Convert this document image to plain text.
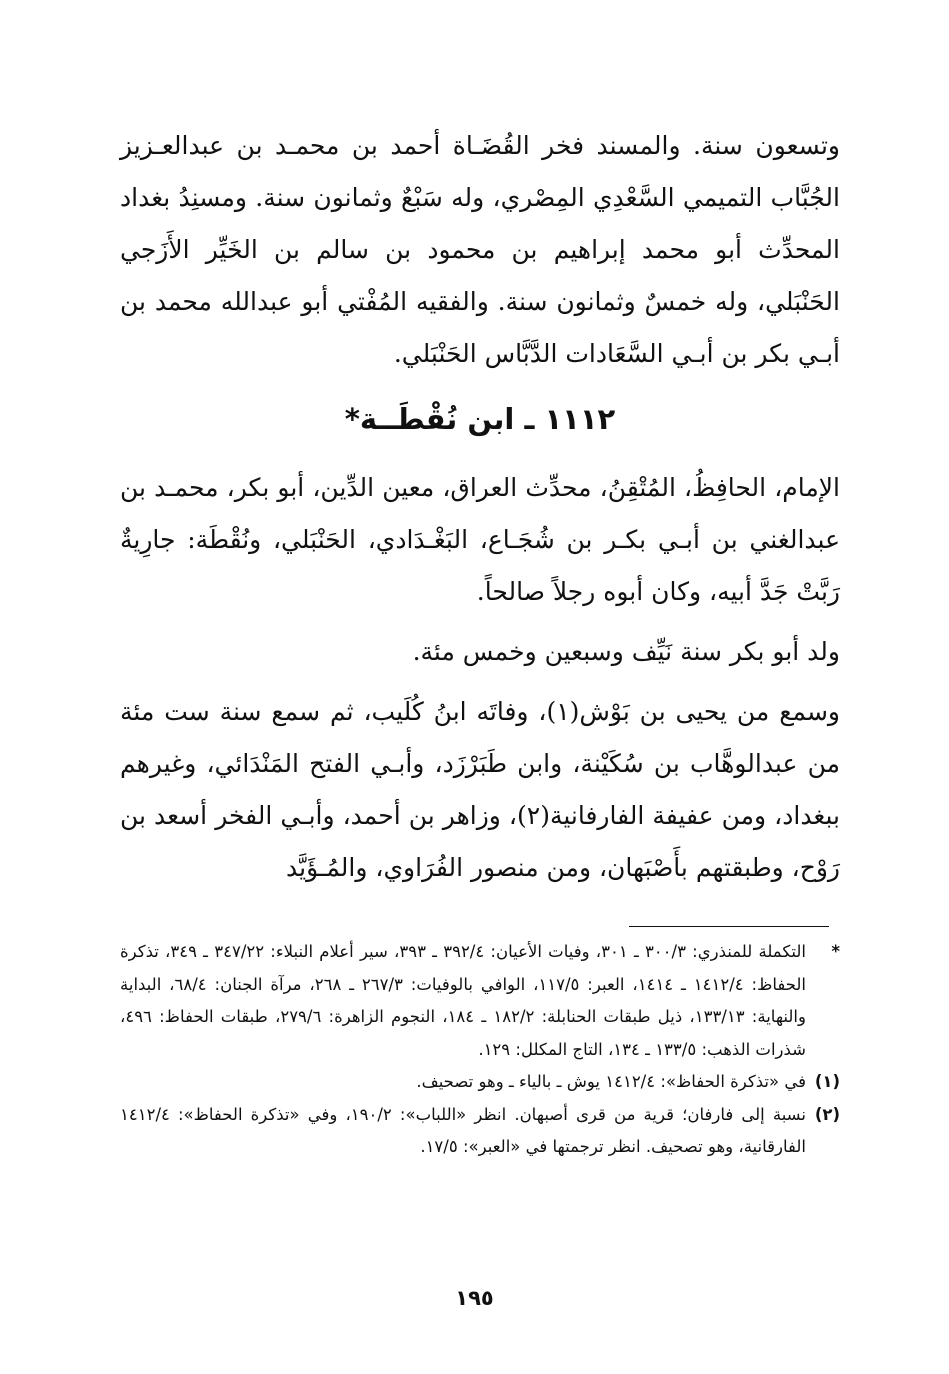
وتسعون سنة. والمسند فخر القُضَـاة أحمد بن محمـد بن عبدالعـزيز الجُبَّاب التميمي السَّعْدِي المِصْري، وله سَبْعٌ وثمانون سنة. ومسنِدُ بغداد المحدِّث أبو محمد إبراهيم بن محمود بن سالم بن الخَيِّر الأَزَجي الحَنْبَلي، وله خمسٌ وثمانون سنة. والفقيه المُفْتي أبو عبدالله محمد بن أبـي بكر بن أبـي السَّعَادات الدَّبَّاس الحَنْبَلي.

١١١٢ ـ ابن نُقْطَــة*

الإمام، الحافِظُ، المُتْقِنُ، محدِّث العراق، معين الدِّين، أبو بكر، محمـد بن عبدالغني بن أبـي بكـر بن شُجَـاع، البَغْـدَادي، الحَنْبَلي، ونُقْطَة: جارِيةٌ رَبَّتْ جَدَّ أبيه، وكان أبوه رجلاً صالحاً.

ولد أبو بكر سنة نَيِّف وسبعين وخمس مئة.

وسمع من يحيى بن بَوْش(١)، وفاتَه ابنُ كُلَيب، ثم سمع سنة ست مئة من عبدالوهَّاب بن سُكَيْنة، وابن طَبَرْزَد، وأبـي الفتح المَنْدَائي، وغيرهم ببغداد، ومن عفيفة الفارفانية(٢)، وزاهر بن أحمد، وأبـي الفخر أسعد بن رَوْح، وطبقتهم بأَصْبَهان، ومن منصور الفُرَاوي، والمُـؤَيَّد

*
التكملة للمنذري: ٣٠٠/٣ ـ ٣٠١، وفيات الأعيان: ٣٩٢/٤ ـ ٣٩٣، سير أعلام النبلاء: ٣٤٧/٢٢ ـ ٣٤٩، تذكرة الحفاظ: ١٤١٢/٤ ـ ١٤١٤، العبر: ١١٧/٥، الوافي بالوفيات: ٢٦٧/٣ ـ ٢٦٨، مرآة الجنان: ٦٨/٤، البداية والنهاية: ١٣٣/١٣، ذيل طبقات الحنابلة: ١٨٢/٢ ـ ١٨٤، النجوم الزاهرة: ٢٧٩/٦، طبقات الحفاظ: ٤٩٦، شذرات الذهب: ١٣٣/٥ ـ ١٣٤، التاج المكلل: ١٢٩.
(١)
في «تذكرة الحفاظ»: ١٤١٢/٤ يوش ـ بالياء ـ وهو تصحيف.
(٢)
نسبة إلى فارفان؛ قرية من قرى أصبهان. انظر «اللباب»: ١٩٠/٢، وفي «تذكرة الحفاظ»: ١٤١٢/٤ الفارقانية، وهو تصحيف. انظر ترجمتها في «العبر»: ١٧/٥.
١٩٥
